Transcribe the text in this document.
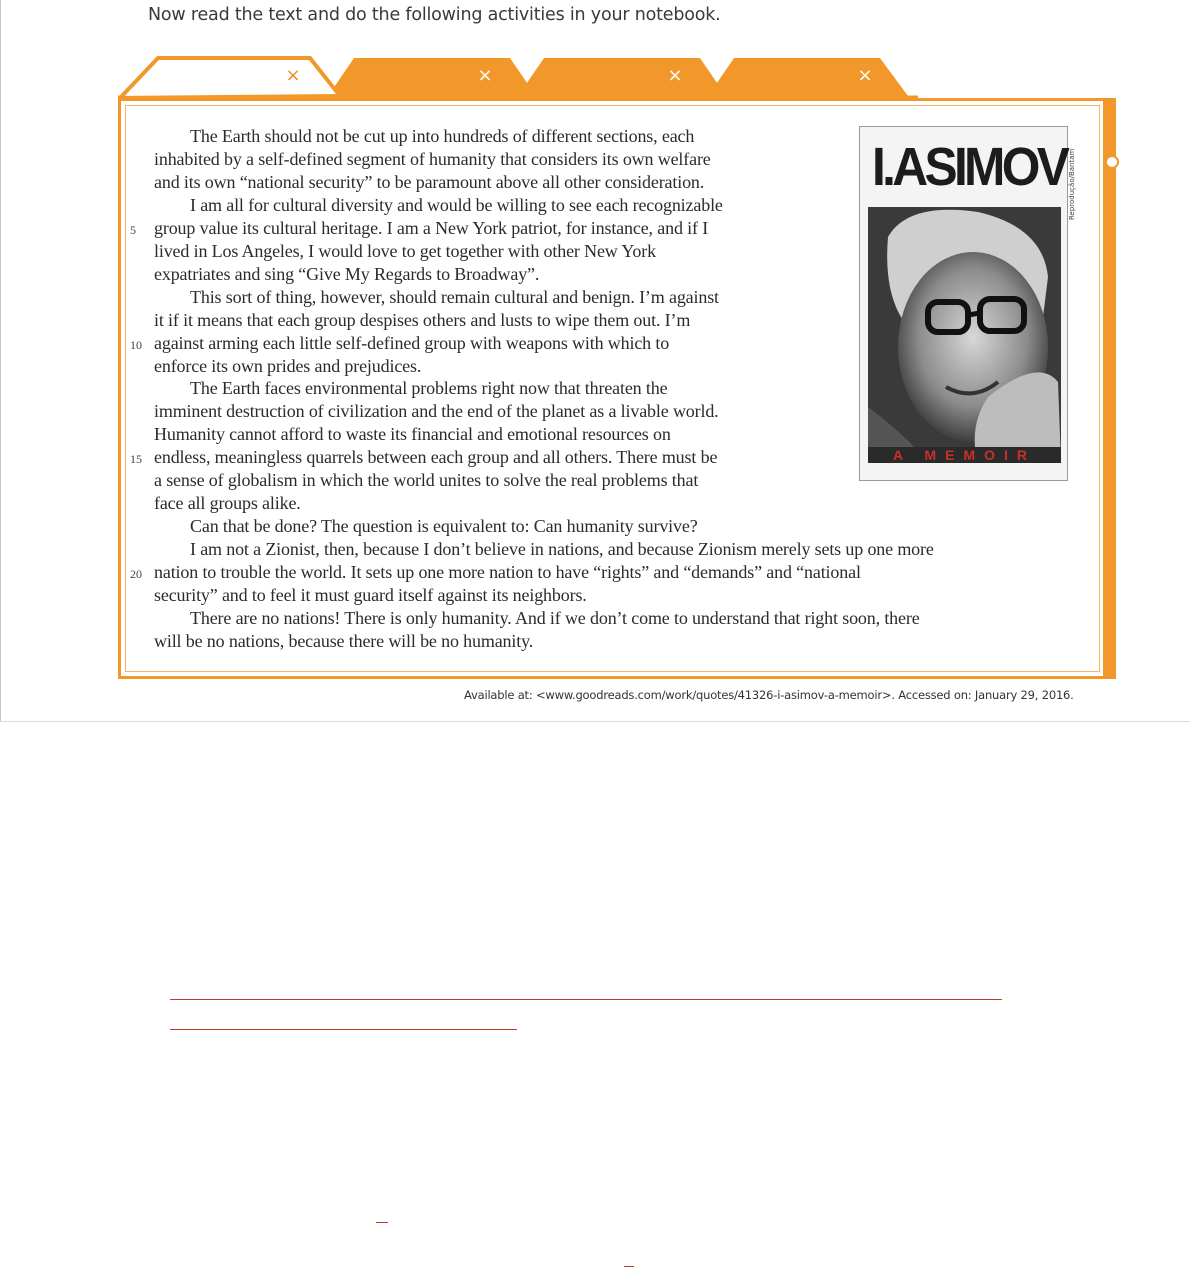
Now read the text and do the following activities in your notebook.
×	×	×	×
The Earth should not be cut up into hundreds of different sections, each
inhabited by a self-defined segment of humanity that considers its own welfare
and its own “national security” to be paramount above all other consideration.
I am all for cultural diversity and would be willing to see each recognizable
group value its cultural heritage. I am a New York patriot, for instance, and if I
5
lived in Los Angeles, I would love to get together with other New York
expatriates and sing “Give My Regards to Broadway”.
This sort of thing, however, should remain cultural and benign. I’m against
it if it means that each group despises others and lusts to wipe them out. I’m
against arming each little self-defined group with weapons with which to
10
enforce its own prides and prejudices.
The Earth faces environmental problems right now that threaten the
imminent destruction of civilization and the end of the planet as a livable world.
Humanity cannot afford to waste its financial and emotional resources on
endless, meaningless quarrels between each group and all others. There must be
15
a sense of globalism in which the world unites to solve the real problems that
face all groups alike.
Can that be done? The question is equivalent to: Can humanity survive?
I am not a Zionist, then, because I don’t believe in nations, and because Zionism merely sets up one more
nation to trouble the world. It sets up one more nation to have “rights” and “demands” and “national
20
security” and to feel it must guard itself against its neighbors.
There are no nations! There is only humanity. And if we don’t come to understand that right soon, there
will be no nations, because there will be no humanity.
I.ASIMOV
A MEMOIR
Reprodução/Bantam
Available at: <www.goodreads.com/work/quotes/41326-i-asimov-a-memoir>. Accessed on: January 29, 2016.
